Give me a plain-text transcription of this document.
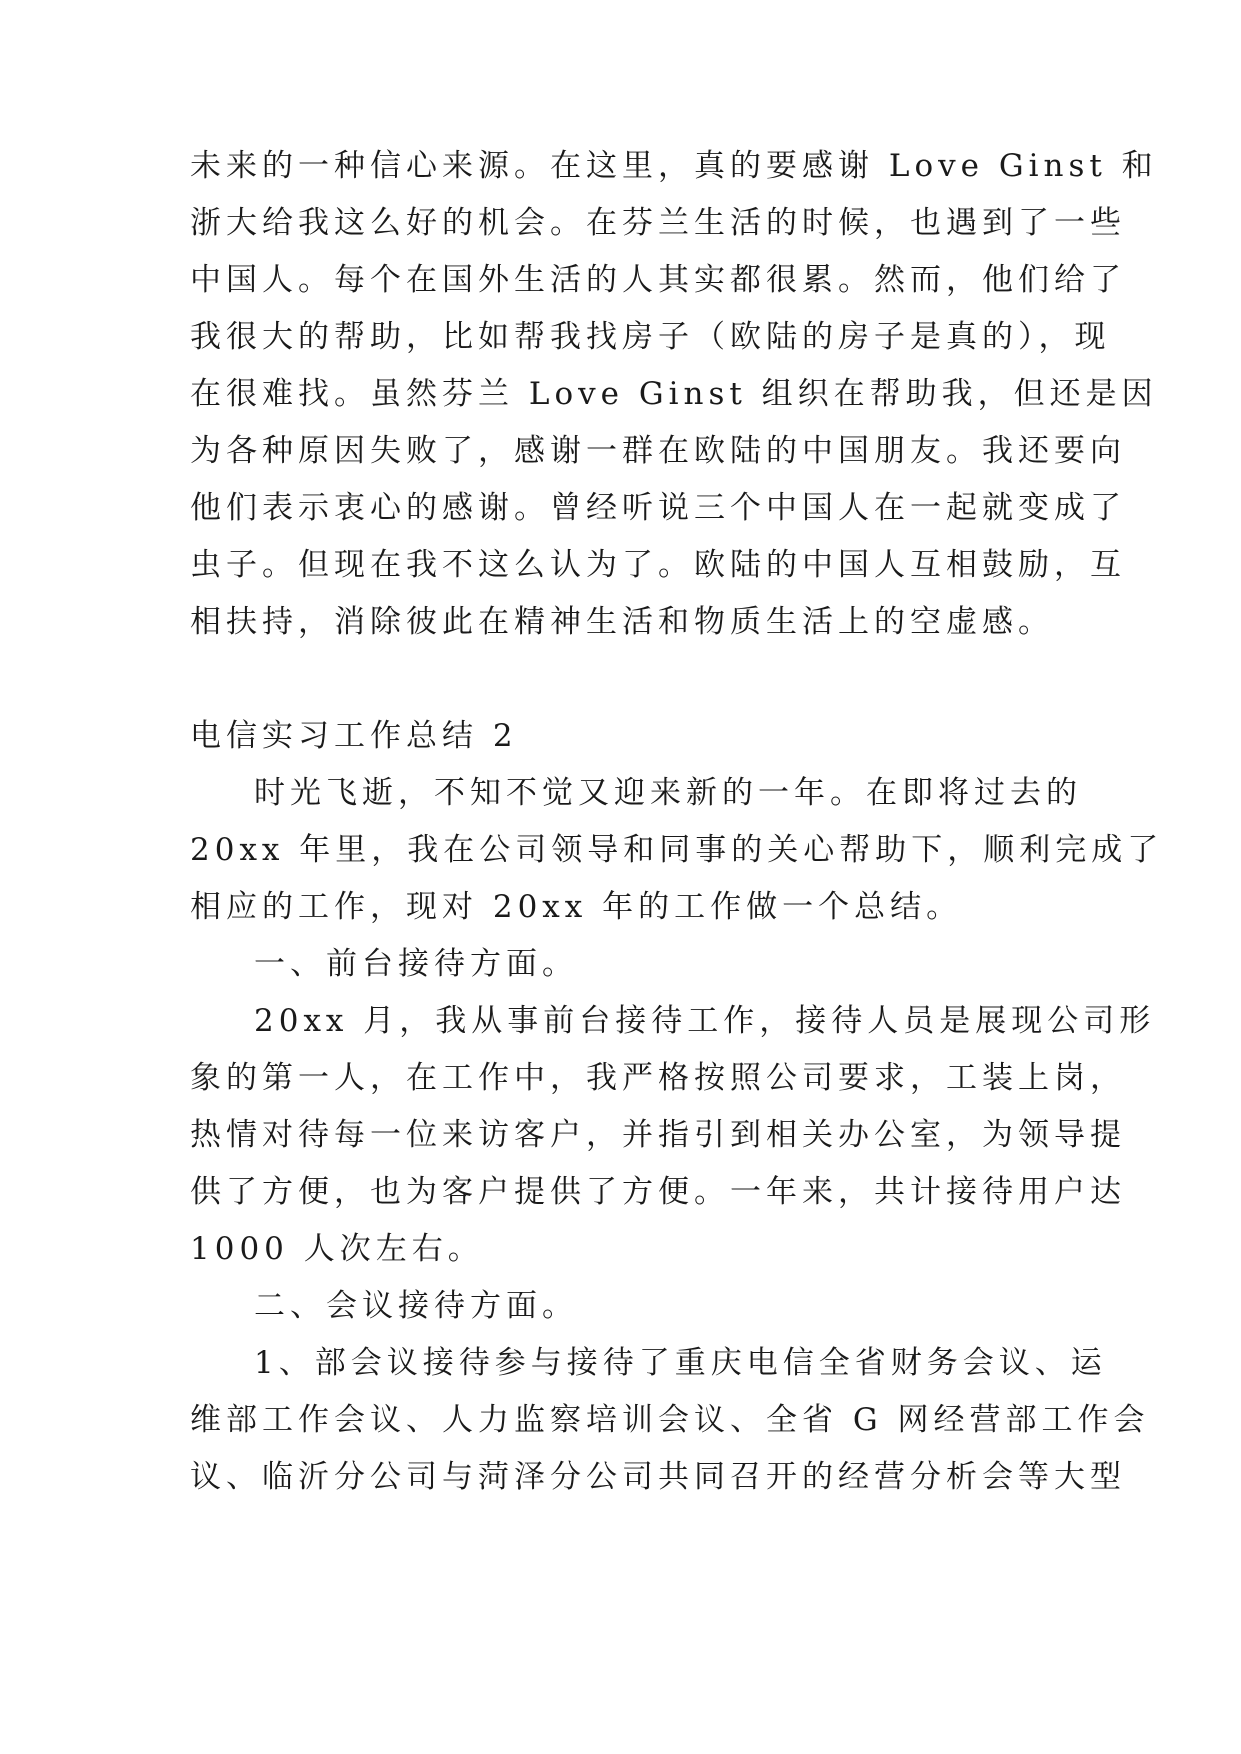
未来的一种信心来源。在这里，真的要感谢 Love Ginst 和
浙大给我这么好的机会。在芬兰生活的时候，也遇到了一些
中国人。每个在国外生活的人其实都很累。然而，他们给了
我很大的帮助，比如帮我找房子（欧陆的房子是真的），现
在很难找。虽然芬兰 Love Ginst 组织在帮助我，但还是因
为各种原因失败了，感谢一群在欧陆的中国朋友。我还要向
他们表示衷心的感谢。曾经听说三个中国人在一起就变成了
虫子。但现在我不这么认为了。欧陆的中国人互相鼓励，互
相扶持，消除彼此在精神生活和物质生活上的空虚感。
电信实习工作总结 2
时光飞逝，不知不觉又迎来新的一年。在即将过去的
20xx 年里，我在公司领导和同事的关心帮助下，顺利完成了
相应的工作，现对 20xx 年的工作做一个总结。
一、前台接待方面。
20xx 月，我从事前台接待工作，接待人员是展现公司形
象的第一人，在工作中，我严格按照公司要求，工装上岗，
热情对待每一位来访客户，并指引到相关办公室，为领导提
供了方便，也为客户提供了方便。一年来，共计接待用户达
1000 人次左右。
二、会议接待方面。
1、部会议接待参与接待了重庆电信全省财务会议、运
维部工作会议、人力监察培训会议、全省 G 网经营部工作会
议、临沂分公司与菏泽分公司共同召开的经营分析会等大型
